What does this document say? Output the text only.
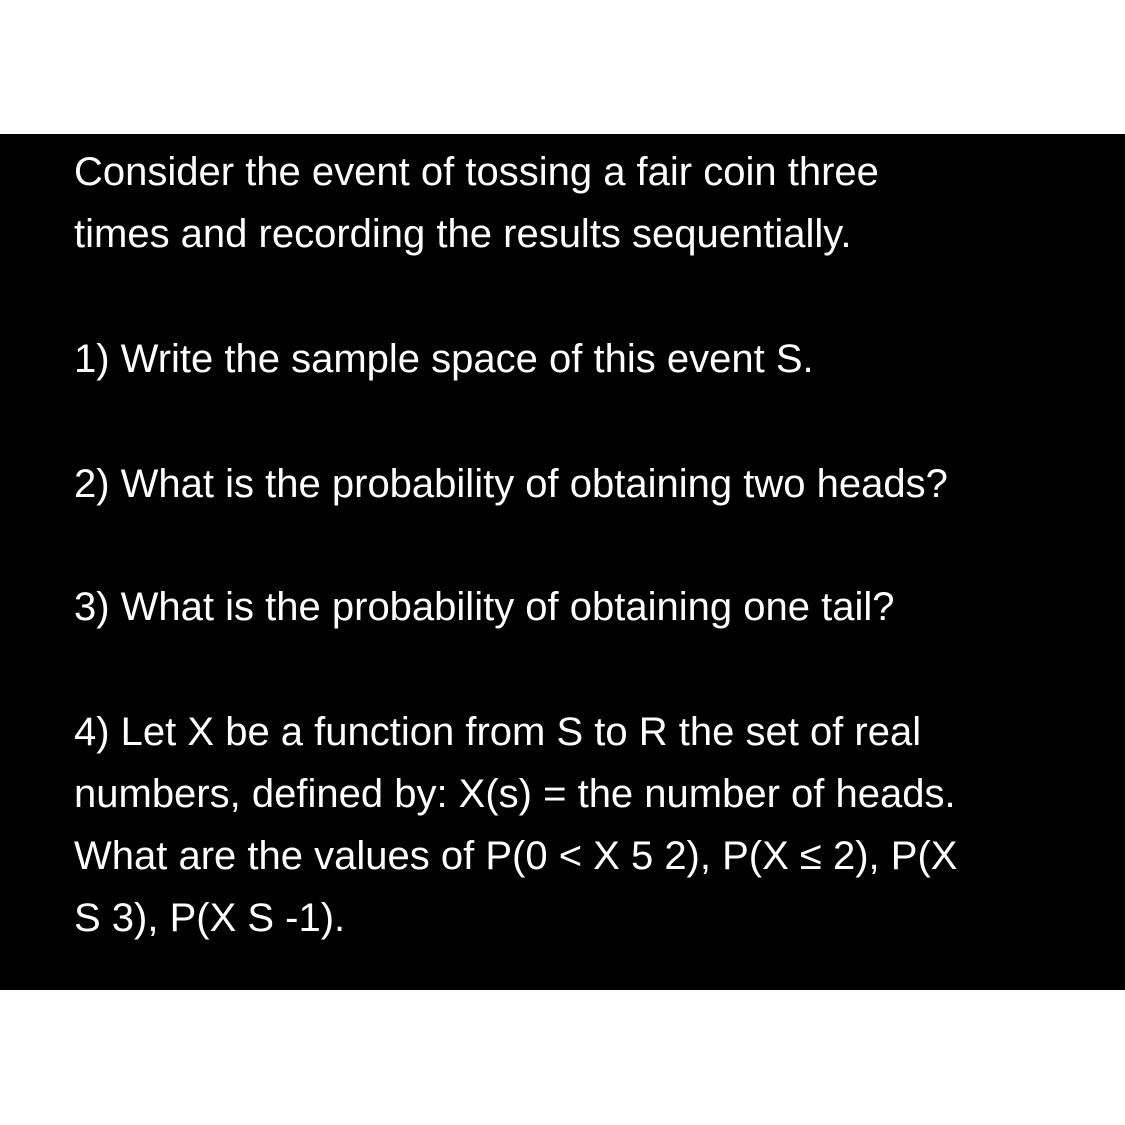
Consider the event of tossing a fair coin three
times and recording the results sequentially.
1) Write the sample space of this event S.
2) What is the probability of obtaining two heads?
3) What is the probability of obtaining one tail?
4) Let X be a function from S to R the set of real
numbers, defined by: X(s) = the number of heads.
What are the values of P(0 < X 5 2), P(X ≤ 2), P(X
S 3), P(X S -1).
